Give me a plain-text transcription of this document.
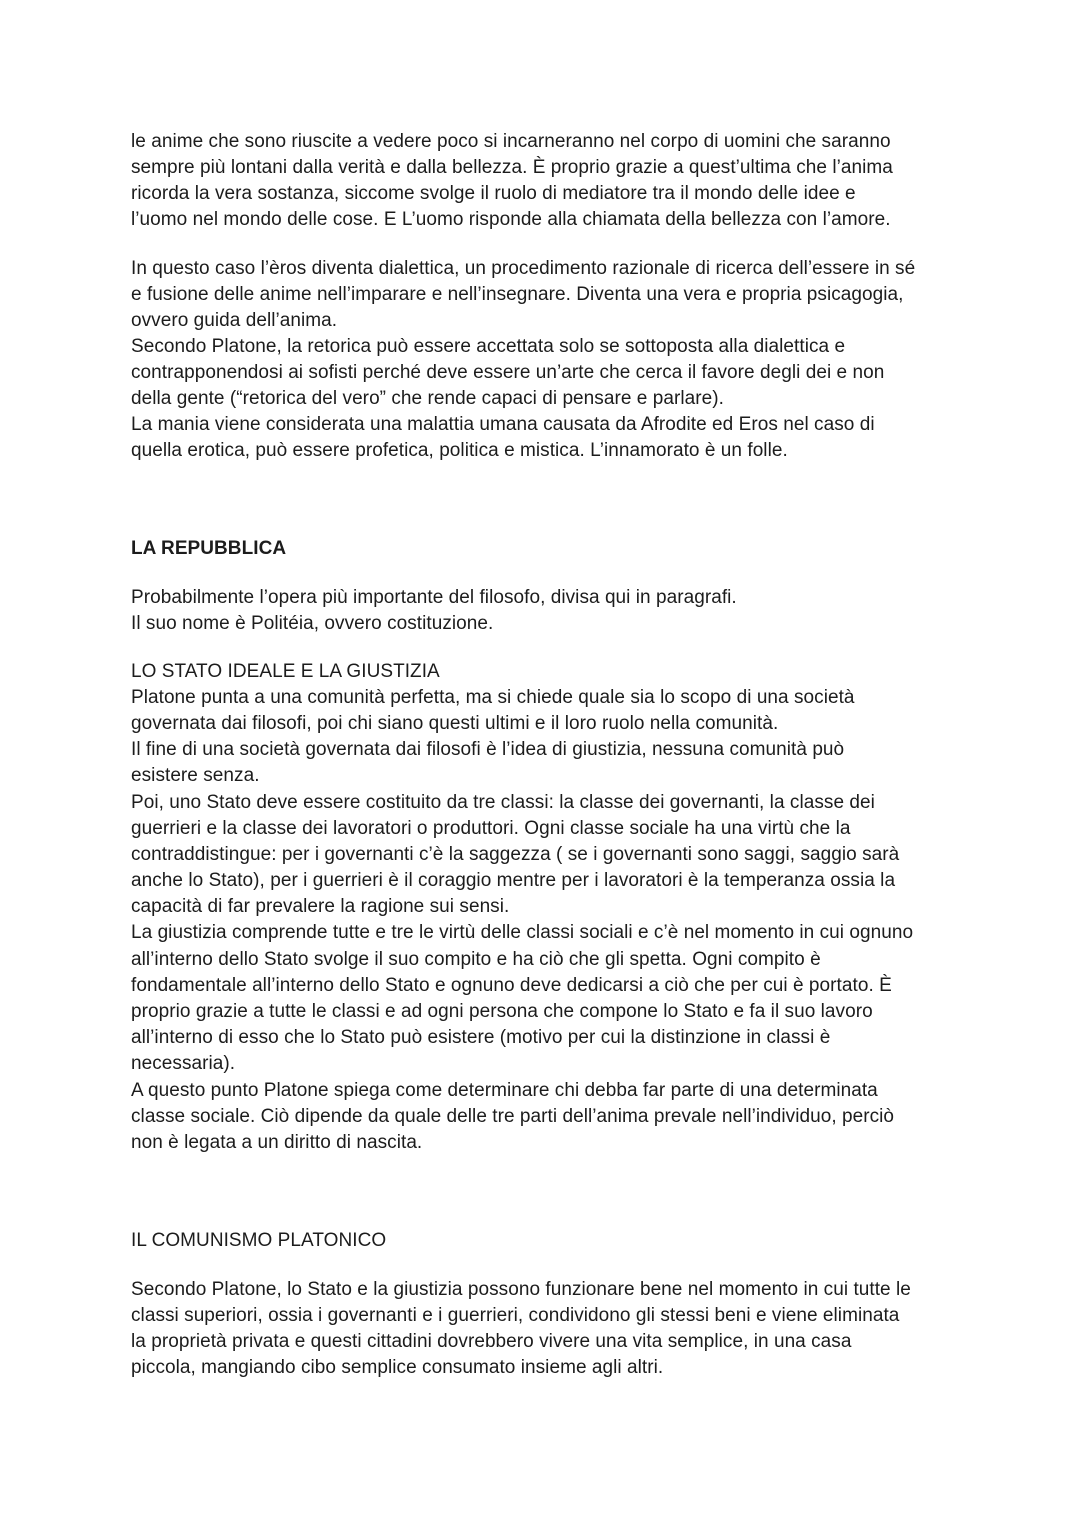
le anime che sono riuscite a vedere poco si incarneranno nel corpo di uomini che saranno

sempre più lontani dalla verità e dalla bellezza. È proprio grazie a quest’ultima che l’anima

ricorda la vera sostanza, siccome svolge il ruolo di mediatore tra il mondo delle idee e

l’uomo nel mondo delle cose. E L’uomo risponde alla chiamata della bellezza con l’amore.

In questo caso l’èros diventa dialettica, un procedimento razionale di ricerca dell’essere in sé

e fusione delle anime nell’imparare e nell’insegnare. Diventa una vera e propria psicagogia,

ovvero guida dell’anima.

Secondo Platone, la retorica può essere accettata solo se sottoposta alla dialettica e

contrapponendosi ai sofisti perché deve essere un’arte che cerca il favore degli dei e non

della gente (“retorica del vero” che rende capaci di pensare e parlare).

La mania viene considerata una malattia umana causata da Afrodite ed Eros nel caso di

quella erotica, può essere profetica, politica e mistica. L’innamorato è un folle.

LA REPUBBLICA

Probabilmente l’opera più importante del filosofo, divisa qui in paragrafi.

Il suo nome è Politéia, ovvero costituzione.

LO STATO IDEALE E LA GIUSTIZIA

Platone punta a una comunità perfetta, ma si chiede quale sia lo scopo di una società

governata dai filosofi, poi chi siano questi ultimi e il loro ruolo nella comunità.

Il fine di una società governata dai filosofi è l’idea di giustizia, nessuna comunità può

esistere senza.

Poi, uno Stato deve essere costituito da tre classi: la classe dei governanti, la classe dei

guerrieri e la classe dei lavoratori o produttori. Ogni classe sociale ha una virtù che la

contraddistingue: per i governanti c’è la saggezza ( se i governanti sono saggi, saggio sarà

anche lo Stato), per i guerrieri è il coraggio mentre per i lavoratori è la temperanza ossia la

capacità di far prevalere la ragione sui sensi.

La giustizia comprende tutte e tre le virtù delle classi sociali e c’è nel momento in cui ognuno

all’interno dello Stato svolge il suo compito e ha ciò che gli spetta. Ogni compito è

fondamentale all’interno dello Stato e ognuno deve dedicarsi a ciò che per cui è portato. È

proprio grazie a tutte le classi e ad ogni persona che compone lo Stato e fa il suo lavoro

all’interno di esso che lo Stato può esistere (motivo per cui la distinzione in classi è

necessaria).

A questo punto Platone spiega come determinare chi debba far parte di una determinata

classe sociale. Ciò dipende da quale delle tre parti dell’anima prevale nell’individuo, perciò

non è legata a un diritto di nascita.

IL COMUNISMO PLATONICO

Secondo Platone, lo Stato e la giustizia possono funzionare bene nel momento in cui tutte le

classi superiori, ossia i governanti e i guerrieri, condividono gli stessi beni e viene eliminata

la proprietà privata e questi cittadini dovrebbero vivere una vita semplice, in una casa

piccola, mangiando cibo semplice consumato insieme agli altri.
